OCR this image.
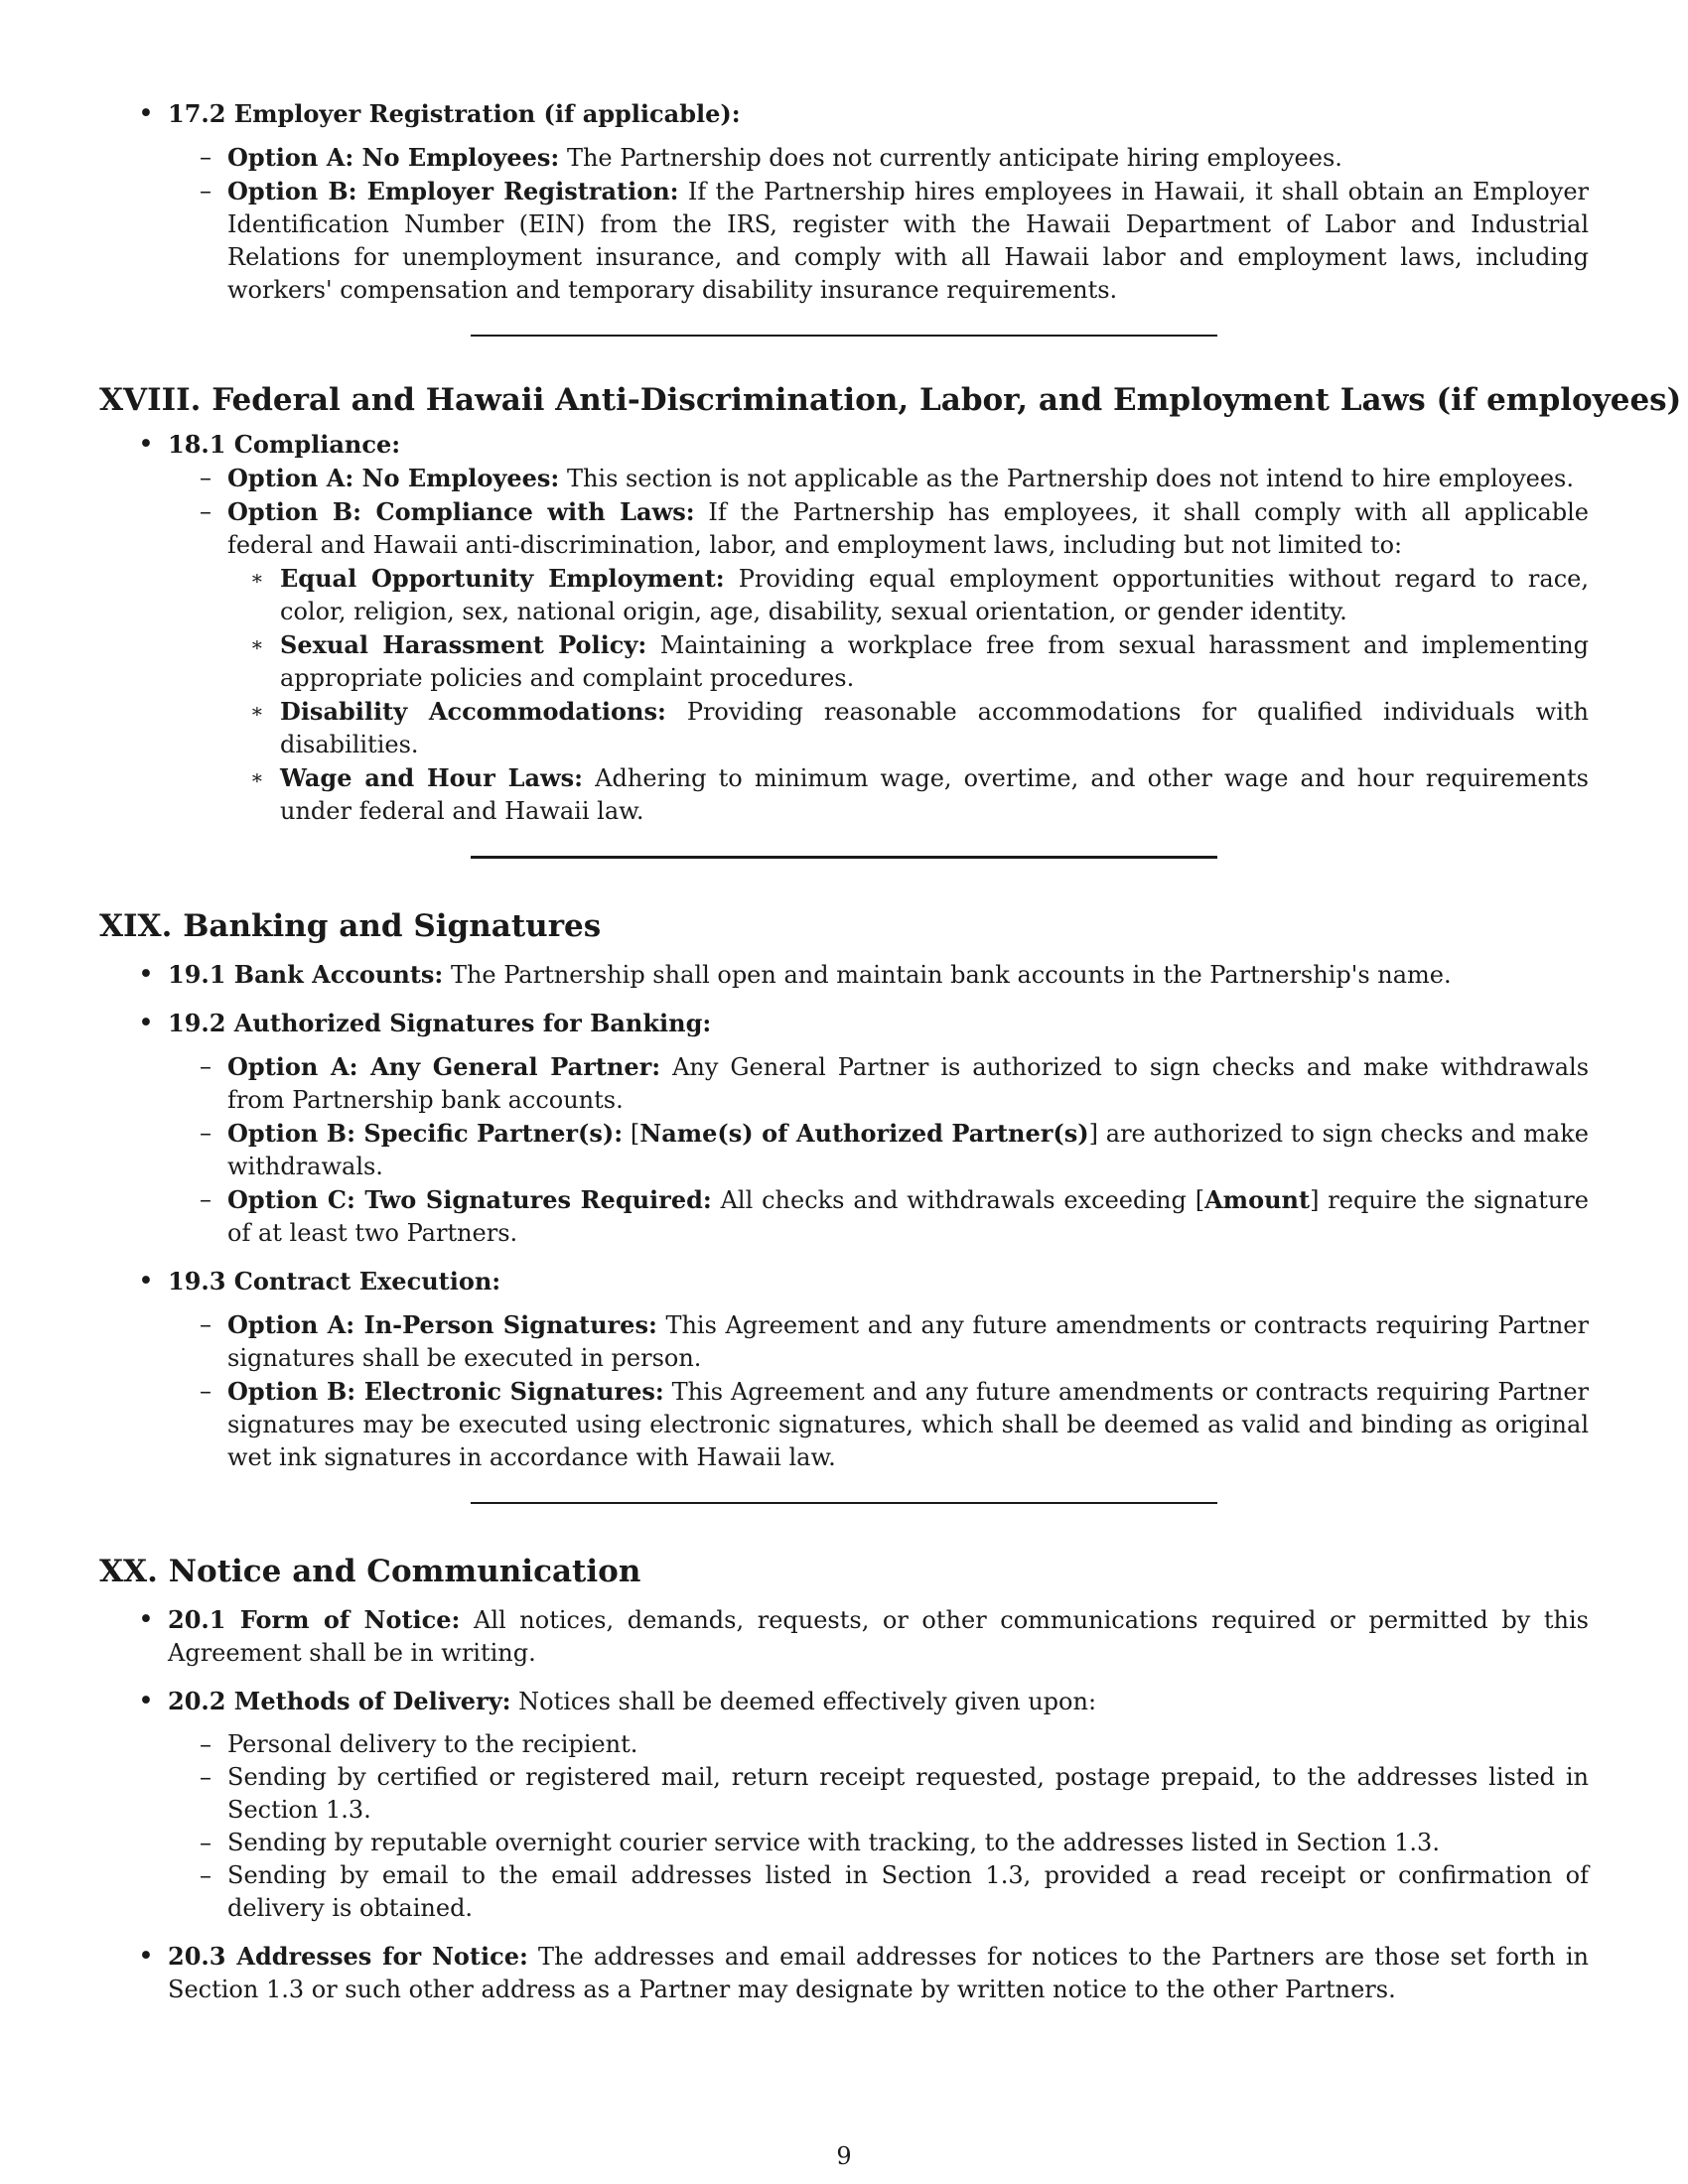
• 17.2 Employer Registration (if applicable):
– Option A: No Employees: The Partnership does not currently anticipate hiring employees.
– Option B: Employer Registration: If the Partnership hires employees in Hawaii, it shall obtain an Employer Identification Number (EIN) from the IRS, register with the Hawaii Department of Labor and Industrial Relations for unemployment insurance, and comply with all Hawaii labor and employment laws, including workers' compensation and temporary disability insurance requirements.
XVIII. Federal and Hawaii Anti-Discrimination, Labor, and Employment Laws (if employees)
• 18.1 Compliance:
– Option A: No Employees: This section is not applicable as the Partnership does not intend to hire employees.
– Option B: Compliance with Laws: If the Partnership has employees, it shall comply with all applicable federal and Hawaii anti-discrimination, labor, and employment laws, including but not limited to:
∗ Equal Opportunity Employment: Providing equal employment opportunities without regard to race, color, religion, sex, national origin, age, disability, sexual orientation, or gender identity.
∗ Sexual Harassment Policy: Maintaining a workplace free from sexual harassment and implementing appropriate policies and complaint procedures.
∗ Disability Accommodations: Providing reasonable accommodations for qualified individuals with disabilities.
∗ Wage and Hour Laws: Adhering to minimum wage, overtime, and other wage and hour requirements under federal and Hawaii law.
XIX. Banking and Signatures
• 19.1 Bank Accounts: The Partnership shall open and maintain bank accounts in the Partnership's name.
• 19.2 Authorized Signatures for Banking:
– Option A: Any General Partner: Any General Partner is authorized to sign checks and make withdrawals from Partnership bank accounts.
– Option B: Specific Partner(s): [Name(s) of Authorized Partner(s)] are authorized to sign checks and make withdrawals.
– Option C: Two Signatures Required: All checks and withdrawals exceeding [Amount] require the signature of at least two Partners.
• 19.3 Contract Execution:
– Option A: In-Person Signatures: This Agreement and any future amendments or contracts requiring Partner signatures shall be executed in person.
– Option B: Electronic Signatures: This Agreement and any future amendments or contracts requiring Partner signatures may be executed using electronic signatures, which shall be deemed as valid and binding as original wet ink signatures in accordance with Hawaii law.
XX. Notice and Communication
• 20.1 Form of Notice: All notices, demands, requests, or other communications required or permitted by this Agreement shall be in writing.
• 20.2 Methods of Delivery: Notices shall be deemed effectively given upon:
– Personal delivery to the recipient.
– Sending by certified or registered mail, return receipt requested, postage prepaid, to the addresses listed in Section 1.3.
– Sending by reputable overnight courier service with tracking, to the addresses listed in Section 1.3.
– Sending by email to the email addresses listed in Section 1.3, provided a read receipt or confirmation of delivery is obtained.
• 20.3 Addresses for Notice: The addresses and email addresses for notices to the Partners are those set forth in Section 1.3 or such other address as a Partner may designate by written notice to the other Partners.
9
